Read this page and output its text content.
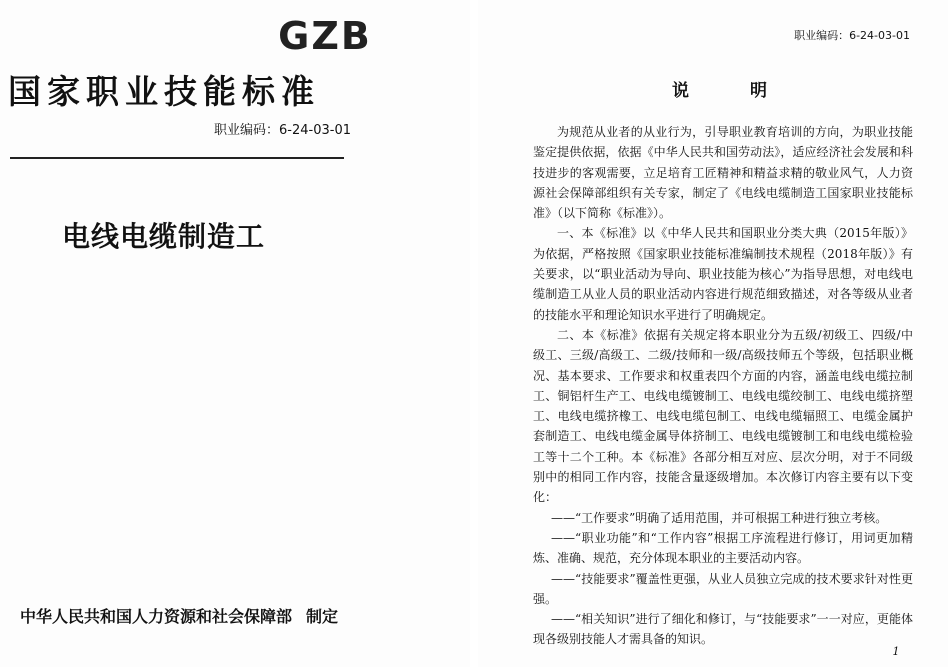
GZB
国家职业技能标准
职业编码：6-24-03-01
电线电缆制造工
中华人民共和国人力资源和社会保障部 制定
职业编码：6-24-03-01
说　明

为规范从业者的从业行为，引导职业教育培训的方向，为职业技能鉴定提供依据，依据《中华人民共和国劳动法》，适应经济社会发展和科技进步的客观需要，立足培育工匠精神和精益求精的敬业风气，人力资源社会保障部组织有关专家，制定了《电线电缆制造工国家职业技能标准》（以下简称《标准》）。

一、本《标准》以《中华人民共和国职业分类大典（2015年版）》为依据，严格按照《国家职业技能标准编制技术规程（2018年版）》有关要求，以“职业活动为导向、职业技能为核心”为指导思想，对电线电缆制造工从业人员的职业活动内容进行规范细致描述，对各等级从业者的技能水平和理论知识水平进行了明确规定。

二、本《标准》依据有关规定将本职业分为五级/初级工、四级/中级工、三级/高级工、二级/技师和一级/高级技师五个等级，包括职业概况、基本要求、工作要求和权重表四个方面的内容，涵盖电线电缆拉制工、铜铝杆生产工、电线电缆镀制工、电线电缆绞制工、电线电缆挤塑工、电线电缆挤橡工、电线电缆包制工、电线电缆辐照工、电缆金属护套制造工、电线电缆金属导体挤制工、电线电缆镀制工和电线电缆检验工等十二个工种。本《标准》各部分相互对应、层次分明，对于不同级别中的相同工作内容，技能含量逐级增加。本次修订内容主要有以下变化：

——“工作要求”明确了适用范围，并可根据工种进行独立考核。

——“职业功能”和“工作内容”根据工序流程进行修订，用词更加精炼、准确、规范，充分体现本职业的主要活动内容。

——“技能要求”覆盖性更强，从业人员独立完成的技术要求针对性更强。

——“相关知识”进行了细化和修订，与“技能要求”一一对应，更能体现各级别技能人才需具备的知识。

1
